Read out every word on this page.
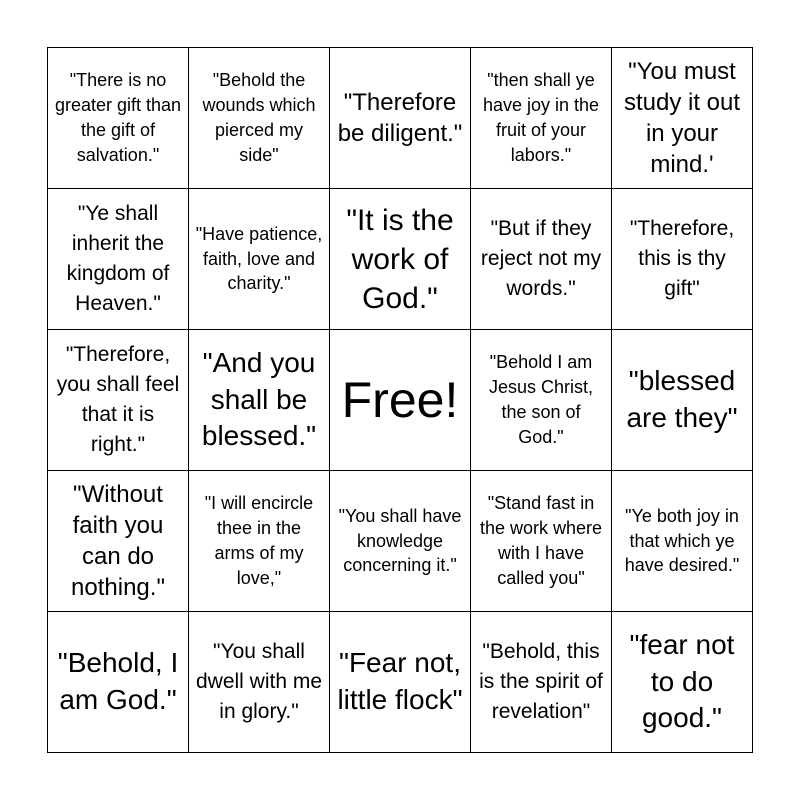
"There is no greater gift than the gift of salvation."
"Behold the wounds which pierced my side"
"Therefore be diligent."
"then shall ye have joy in the fruit of your labors."
"You must study it out in your mind.'
"Ye shall inherit the kingdom of Heaven."
"Have patience, faith, love and charity."
"It is the work of God."
"But if they reject not my words."
"Therefore, this is thy gift"
"Therefore, you shall feel that it is right."
"And you shall be blessed."
Free!
"Behold I am Jesus Christ, the son of God."
"blessed are they"
"Without faith you can do nothing."
"I will encircle thee in the arms of my love,"
"You shall have knowledge concerning it."
"Stand fast in the work where with I have called you"
"Ye both joy in that which ye have desired."
"Behold, I am God."
"You shall dwell with me in glory."
"Fear not, little flock"
"Behold, this is the spirit of revelation"
"fear not to do good."
